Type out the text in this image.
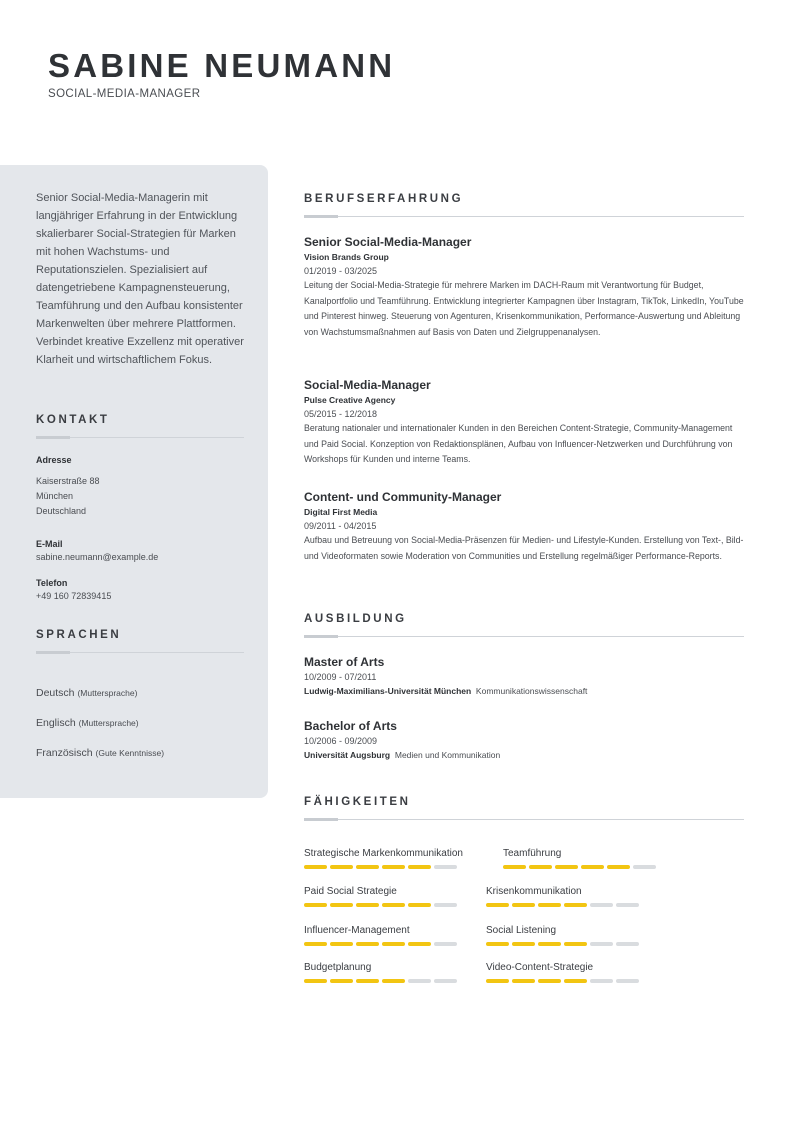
SABINE NEUMANN
SOCIAL-MEDIA-MANAGER
Senior Social-Media-Managerin mit langjähriger Erfahrung in der Entwicklung skalierbarer Social-Strategien für Marken mit hohen Wachstums- und Reputationszielen. Spezialisiert auf datengetriebene Kampagnensteuerung, Teamführung und den Aufbau konsistenter Markenwelten über mehrere Plattformen. Verbindet kreative Exzellenz mit operativer Klarheit und wirtschaftlichem Fokus.
KONTAKT
Adresse
Kaiserstraße 88
München
Deutschland
E-Mail
sabine.neumann@example.de
Telefon
+49 160 72839415
SPRACHEN
Deutsch (Muttersprache)
Englisch (Muttersprache)
Französisch (Gute Kenntnisse)
BERUFSERFAHRUNG
Senior Social-Media-Manager
Vision Brands Group
01/2019 - 03/2025
Leitung der Social-Media-Strategie für mehrere Marken im DACH-Raum mit Verantwortung für Budget, Kanalportfolio und Teamführung. Entwicklung integrierter Kampagnen über Instagram, TikTok, LinkedIn, YouTube und Pinterest hinweg. Steuerung von Agenturen, Krisenkommunikation, Performance-Auswertung und Ableitung von Wachstumsmaßnahmen auf Basis von Daten und Zielgruppenanalysen.
Social-Media-Manager
Pulse Creative Agency
05/2015 - 12/2018
Beratung nationaler und internationaler Kunden in den Bereichen Content-Strategie, Community-Management und Paid Social. Konzeption von Redaktionsplänen, Aufbau von Influencer-Netzwerken und Durchführung von Workshops für Kunden und interne Teams.
Content- und Community-Manager
Digital First Media
09/2011 - 04/2015
Aufbau und Betreuung von Social-Media-Präsenzen für Medien- und Lifestyle-Kunden. Erstellung von Text-, Bild- und Videoformaten sowie Moderation von Communities und Erstellung regelmäßiger Performance-Reports.
AUSBILDUNG
Master of Arts
10/2009 - 07/2011
Ludwig-Maximilians-Universität München Kommunikationswissenschaft
Bachelor of Arts
10/2006 - 09/2009
Universität Augsburg Medien und Kommunikation
FÄHIGKEITEN
Strategische Markenkommunikation	Teamführung
Paid Social Strategie	Krisenkommunikation
Influencer-Management	Social Listening
Budgetplanung	Video-Content-Strategie
